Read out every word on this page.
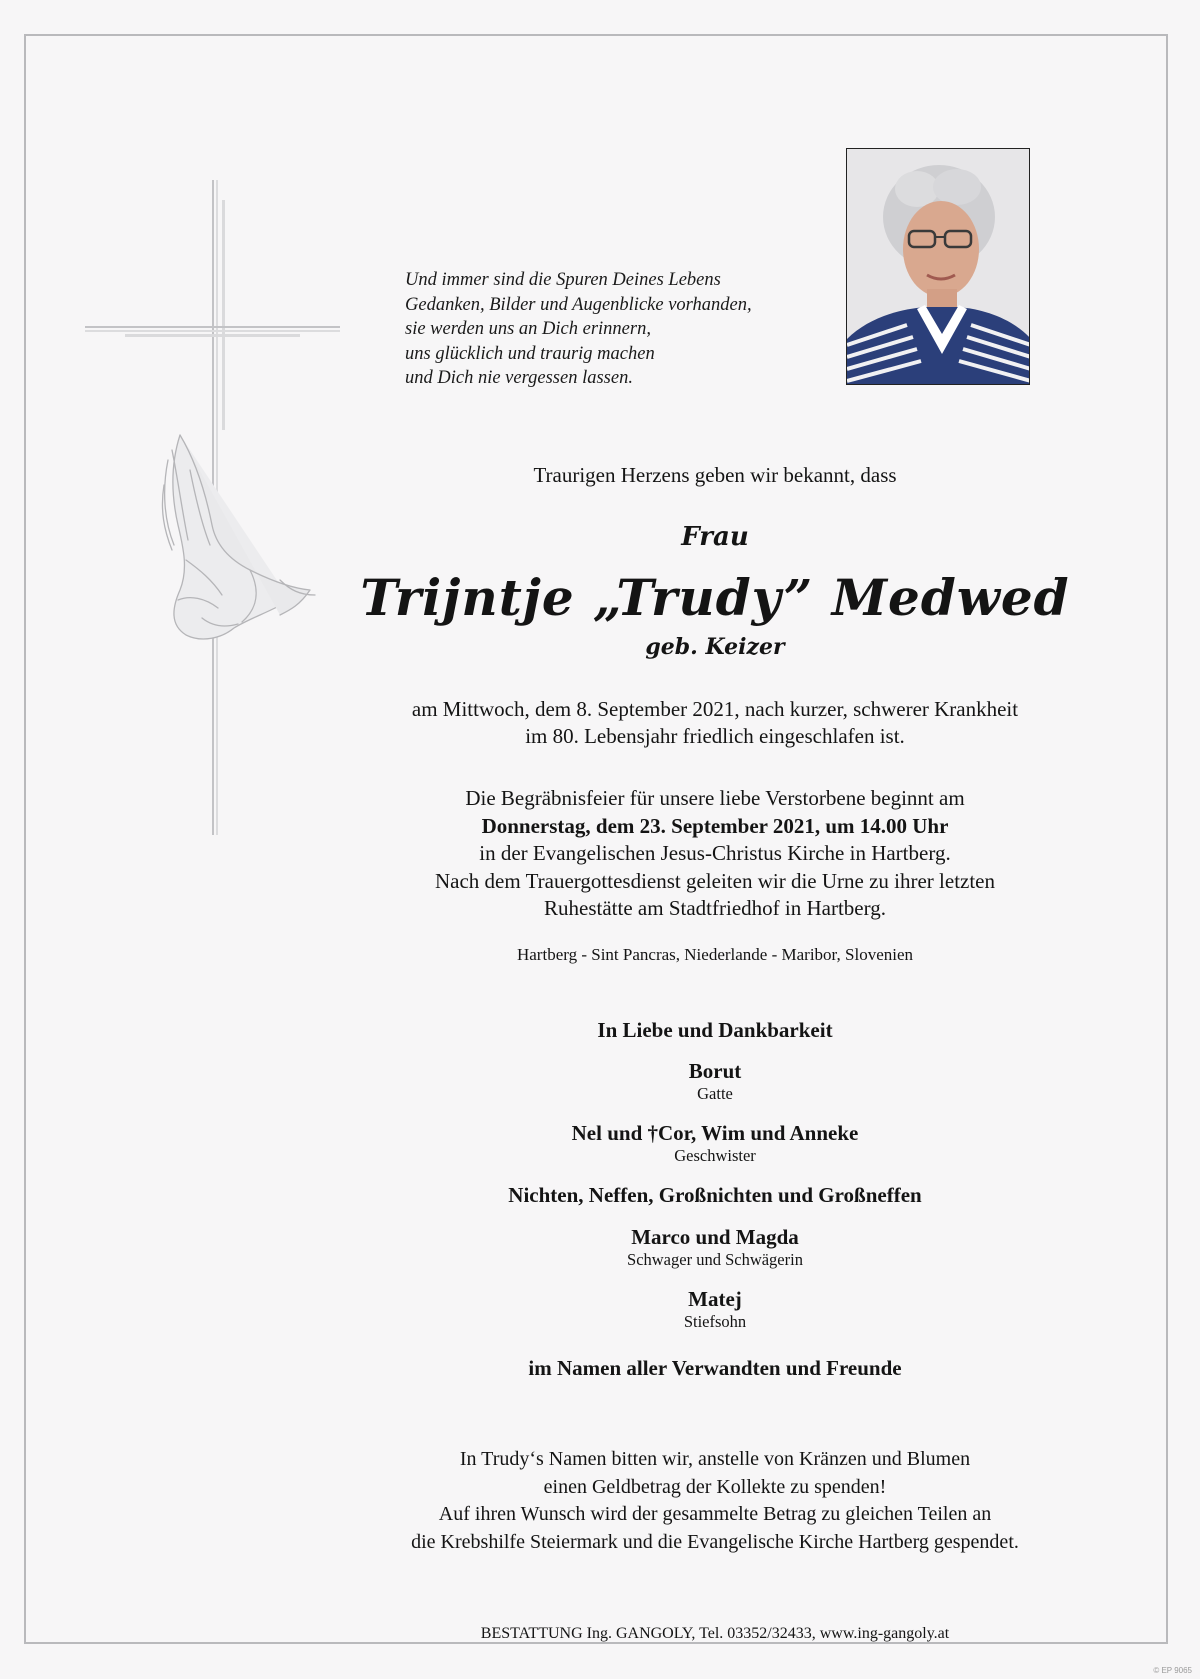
Und immer sind die Spuren Deines Lebens
Gedanken, Bilder und Augenblicke vorhanden,
sie werden uns an Dich erinnern,
uns glücklich und traurig machen
und Dich nie vergessen lassen.
Traurigen Herzens geben wir bekannt, dass
Frau
Trijntje „Trudy” Medwed
geb. Keizer
am Mittwoch, dem 8. September 2021, nach kurzer, schwerer Krankheit
im 80. Lebensjahr friedlich eingeschlafen ist.
Die Begräbnisfeier für unsere liebe Verstorbene beginnt am
Donnerstag, dem 23. September 2021, um 14.00 Uhr
in der Evangelischen Jesus-Christus Kirche in Hartberg.
Nach dem Trauergottesdienst geleiten wir die Urne zu ihrer letzten
Ruhestätte am Stadtfriedhof in Hartberg.
Hartberg - Sint Pancras, Niederlande - Maribor, Slovenien
In Liebe und Dankbarkeit
Borut
Gatte
Nel und †Cor, Wim und Anneke
Geschwister
Nichten, Neffen, Großnichten und Großneffen
Marco und Magda
Schwager und Schwägerin
Matej
Stiefsohn
im Namen aller Verwandten und Freunde
In Trudy‘s Namen bitten wir, anstelle von Kränzen und Blumen
einen Geldbetrag der Kollekte zu spenden!
Auf ihren Wunsch wird der gesammelte Betrag zu gleichen Teilen an
die Krebshilfe Steiermark und die Evangelische Kirche Hartberg gespendet.
BESTATTUNG Ing. GANGOLY, Tel. 03352/32433, www.ing-gangoly.at
© EP 9065
